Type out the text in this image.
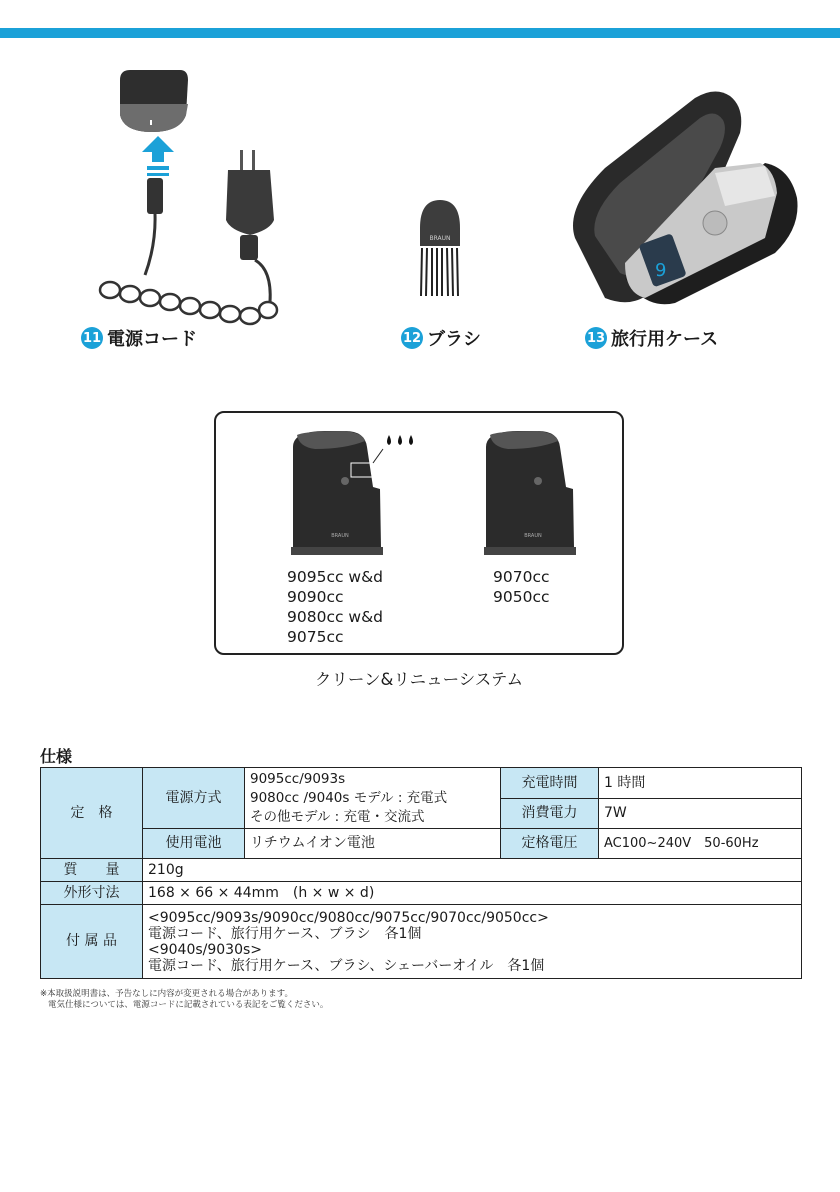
BRAUN
9
11 電源コード	12 ブラシ	13 旅行用ケース
BRAUN	BRAUN
9095cc w&d
9090cc
9080cc w&d
9075cc
9070cc
9050cc
クリーン&リニューシステム
仕様
定　格	電源方式	9095cc/9093s
9080cc /9040s モデル : 充電式
その他モデル : 充電・交流式	充電時間	1 時間
			消費電力	7W
	使用電池	リチウムイオン電池	定格電圧	AC100~240V　50-60Hz
質　　量	210g			
外形寸法	168 × 66 × 44mm　(h × w × d)			
付 属 品	<9095cc/9093s/9090cc/9080cc/9075cc/9070cc/9050cc>
電源コード、旅行用ケース、ブラシ　各1個
<9040s/9030s>
電源コード、旅行用ケース、ブラシ、シェーバーオイル　各1個			
※本取扱説明書は、予告なしに内容が変更される場合があります。
電気仕様については、電源コードに記載されている表記をご覧ください。
